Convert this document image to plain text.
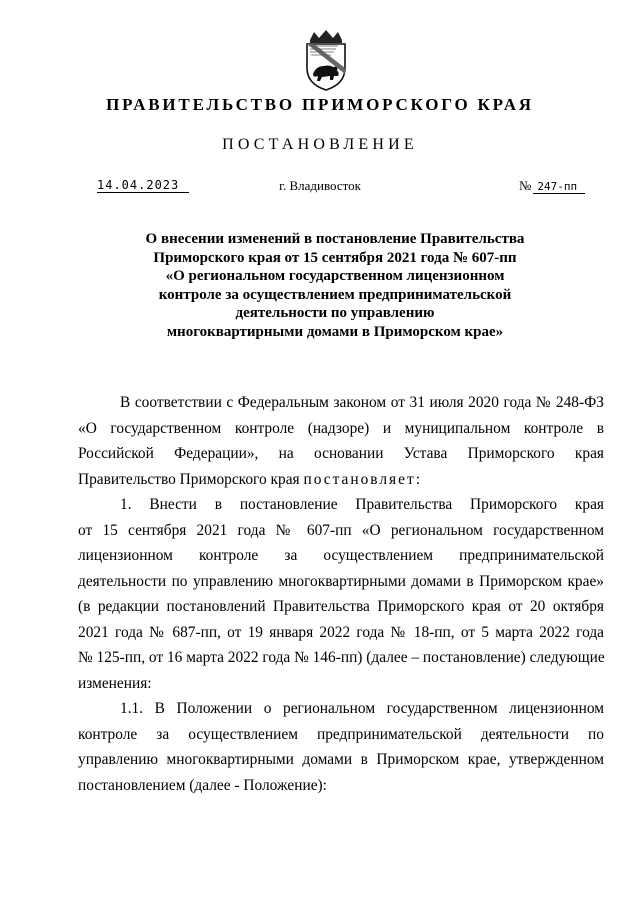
ПРАВИТЕЛЬСТВО ПРИМОРСКОГО КРАЯ
ПОСТАНОВЛЕНИЕ
14.04.2023	г. Владивосток	№ 247-пп
О внесении изменений в постановление Правительства
Приморского края от 15 сентября 2021 года № 607-пп
«О региональном государственном лицензионном
контроле за осуществлением предпринимательской
деятельности по управлению
многоквартирными домами в Приморском крае»
В соответствии с Федеральным законом от 31 июля 2020 года № 248-ФЗ
«О государственном контроле (надзоре) и муниципальном контроле в
Российской Федерации», на основании Устава Приморского края
Правительство Приморского края постановляет:
1. Внести в постановление Правительства Приморского края
от 15 сентября 2021 года № 607-пп «О региональном государственном
лицензионном контроле за осуществлением предпринимательской
деятельности по управлению многоквартирными домами в Приморском крае»
(в редакции постановлений Правительства Приморского края от 20 октября
2021 года № 687-пп, от 19 января 2022 года № 18-пп, от 5 марта 2022 года
№ 125-пп, от 16 марта 2022 года № 146-пп) (далее – постановление) следующие
изменения:
1.1. В Положении о региональном государственном лицензионном
контроле за осуществлением предпринимательской деятельности по
управлению многоквартирными домами в Приморском крае, утвержденном
постановлением (далее - Положение):
